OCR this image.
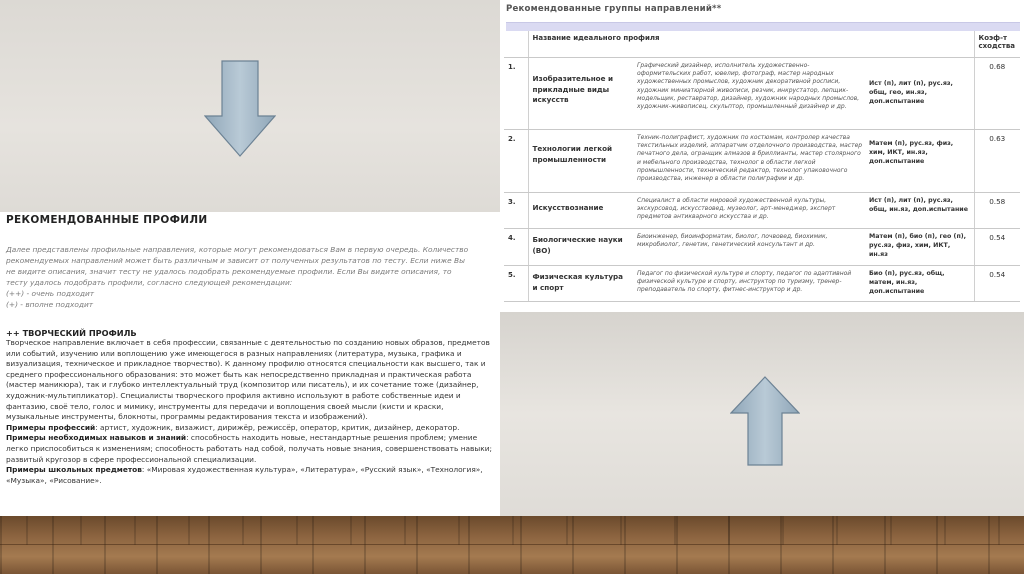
РЕКОМЕНДОВАННЫЕ ПРОФИЛИ
Далее представлены профильные направления, которые могут рекомендоваться Вам в первую очередь. Количество
рекомендуемых направлений может быть различным и зависит от полученных результатов по тесту. Если ниже Вы
не видите описания, значит тесту не удалось подобрать рекомендуемые профили. Если Вы видите описания, то
тесту удалось подобрать профили, согласно следующей рекомендации:
(++) - очень подходит
(+) - вполне подходит
++ ТВОРЧЕСКИЙ ПРОФИЛЬ
Творческое направление включает в себя профессии, связанные с деятельностью по созданию новых образов, предметов или событий, изучению или воплощению уже имеющегося в разных направлениях (литература, музыка, графика и визуализация, техническое и прикладное творчество). К данному профилю относятся специальности как высшего, так и среднего профессионального образования: это может быть как непосредственно прикладная и практическая работа (мастер маникюра), так и глубоко интеллектуальный труд (композитор или писатель), и их сочетание тоже (дизайнер, художник-мультипликатор). Специалисты творческого профиля активно используют в работе собственные идеи и фантазию, своё тело, голос и мимику, инструменты для передачи и воплощения своей мысли (кисти и краски, музыкальные инструменты, блокноты, программы редактирования текста и изображений).
Примеры профессий: артист, художник, визажист, дирижёр, режиссёр, оператор, критик, дизайнер, декоратор.
Примеры необходимых навыков и знаний: способность находить новые, нестандартные решения проблем; умение легко приспособиться к изменениям; способность работать над собой, получать новые знания, совершенствовать навыки; развитый кругозор в сфере профессиональной специализации.
Примеры школьных предметов: «Мировая художественная культура», «Литература», «Русский язык», «Технология», «Музыка», «Рисование».
Рекомендованные группы направлений**
	Название идеального профиля			Коэф-т сходства
1.	Изобразительное и прикладные виды искусств	Графический дизайнер, исполнитель художественно-оформительских работ, ювелир, фотограф, мастер народных художественных промыслов, художник декоративной росписи, художник миниатюрной живописи, резчик, инкрустатор, лепщик-модельщик, реставратор, дизайнер, художник народных промыслов, художник-живописец, скульптор, промышленный дизайнер и др.	Ист (п), лит (п), рус.яз, общ, гео, ин.яз, доп.испытание	0.68
2.	Технологии легкой промышленности	Техник-полиграфист, художник по костюмам, контролер качества текстильных изделий, аппаратчик отделочного производства, мастер печатного дела, огранщик алмазов в бриллианты, мастер столярного и мебельного производства, технолог в области легкой промышленности, технический редактор, технолог упаковочного производства, инженер в области полиграфии и др.	Матем (п), рус.яз, физ, хим, ИКТ, ин.яз, доп.испытание	0.63
3.	Искусствознание	Специалист в области мировой художественной культуры, экскурсовод, искусствовед, музеолог, арт-менеджер, эксперт предметов антикварного искусства и др.	Ист (п), лит (п), рус.яз, общ, ин.яз, доп.испытание	0.58
4.	Биологические науки (ВО)	Биоинженер, биоинформатик, биолог, почвовед, биохимик, микробиолог, генетик, генетический консультант и др.	Матем (п), био (п), гео (п), рус.яз, физ, хим, ИКТ, ин.яз	0.54
5.	Физическая культура и спорт	Педагог по физической культуре и спорту, педагог по адаптивной физической культуре и спорту, инструктор по туризму, тренер-преподаватель по спорту, фитнес-инструктор и др.	Био (п), рус.яз, общ, матем, ин.яз, доп.испытание	0.54
